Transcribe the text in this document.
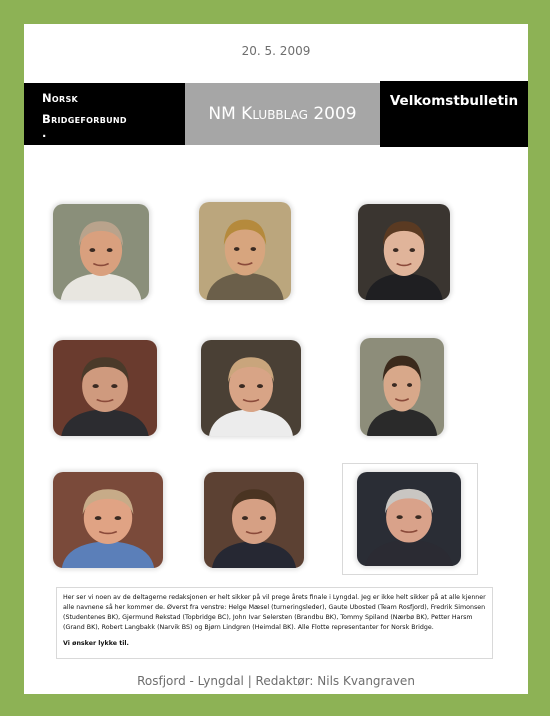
20. 5. 2009
Norsk
Bridgeforbund
.
NM Klubblag 2009
Velkomstbulletin

Her ser vi noen av de deltagerne redaksjonen er helt sikker på vil prege årets finale i Lyngdal. Jeg er ikke helt sikker på at alle kjenner alle navnene så her kommer de. Øverst fra venstre: Helge Mæsel (turneringsleder), Gaute Ubosted (Team Rosfjord), Fredrik Simonsen (Studentenes BK), Gjermund Rekstad (Topbridge BC), John Ivar Selersten (Brandbu BK), Tommy Spiland (Nærbø BK), Petter Harsm (Grand BK), Robert Langbakk (Narvik BS) og Bjørn Lindgren (Heimdal BK). Alle Flotte representanter for Norsk Bridge.

Vi ønsker lykke til.

Rosfjord - Lyngdal | Redaktør: Nils Kvangraven
